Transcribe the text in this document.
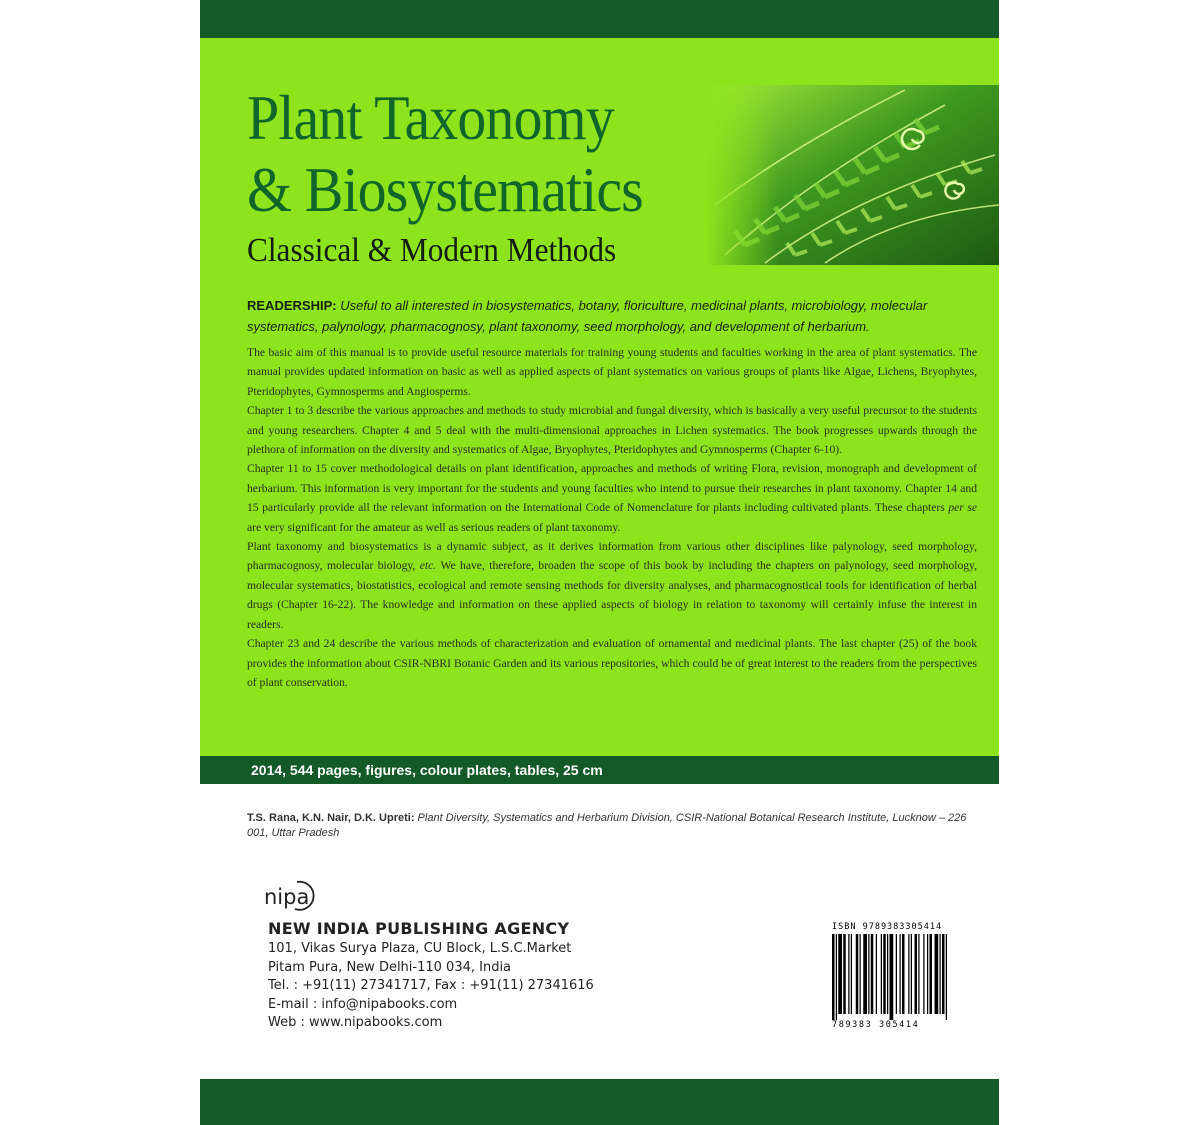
Plant Taxonomy
& Biosystematics
Classical & Modern Methods
READERSHIP: Useful to all interested in biosystematics, botany, floriculture, medicinal plants, microbiology, molecular systematics, palynology, pharmacognosy, plant taxonomy, seed morphology, and development of herbarium.

The basic aim of this manual is to provide useful resource materials for training young students and faculties working in the area of plant systematics. The manual provides updated information on basic as well as applied aspects of plant systematics on various groups of plants like Algae, Lichens, Bryophytes, Pteridophytes, Gymnosperms and Angiosperms.

Chapter 1 to 3 describe the various approaches and methods to study microbial and fungal diversity, which is basically a very useful precursor to the students and young researchers. Chapter 4 and 5 deal with the multi-dimensional approaches in Lichen systematics. The book progresses upwards through the plethora of information on the diversity and systematics of Algae, Bryophytes, Pteridophytes and Gymnosperms (Chapter 6-10).

Chapter 11 to 15 cover methodological details on plant identification, approaches and methods of writing Flora, revision, monograph and development of herbarium. This information is very important for the students and young faculties who intend to pursue their researches in plant taxonomy. Chapter 14 and 15 particularly provide all the relevant information on the International Code of Nomenclature for plants including cultivated plants. These chapters per se are very significant for the amateur as well as serious readers of plant taxonomy.

Plant taxonomy and biosystematics is a dynamic subject, as it derives information from various other disciplines like palynology, seed morphology, pharmacognosy, molecular biology, etc. We have, therefore, broaden the scope of this book by including the chapters on palynology, seed morphology, molecular systematics, biostatistics, ecological and remote sensing methods for diversity analyses, and pharmacognostical tools for identification of herbal drugs (Chapter 16-22). The knowledge and information on these applied aspects of biology in relation to taxonomy will certainly infuse the interest in readers.

Chapter 23 and 24 describe the various methods of characterization and evaluation of ornamental and medicinal plants. The last chapter (25) of the book provides the information about CSIR-NBRI Botanic Garden and its various repositories, which could be of great interest to the readers from the perspectives of plant conservation.

2014, 544 pages, figures, colour plates, tables, 25 cm
T.S. Rana, K.N. Nair, D.K. Upreti: Plant Diversity, Systematics and Herbarium Division, CSIR-National Botanical Research Institute, Lucknow – 226 001, Uttar Pradesh
nipa
NEW INDIA PUBLISHING AGENCY
101, Vikas Surya Plaza, CU Block, L.S.C.Market
Pitam Pura, New Delhi-110 034, India
Tel. : +91(11) 27341717, Fax : +91(11) 27341616
E-mail : info@nipabooks.com
Web : www.nipabooks.com
ISBN 9789383305414
789383 305414
